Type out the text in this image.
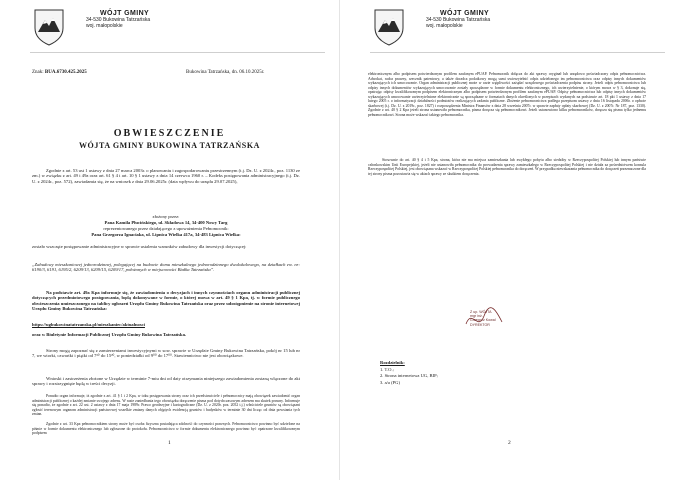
WÓJT GMINY
34-530 Bukowina Tatrzańska
woj. małopolskie
Znak: BUA.6730.425.2025	Bukowina Tatrzańska, dn. 06.10.2025r.
OBWIESZCZENIE
WÓJTA GMINY BUKOWINA TATRZAŃSKA

Zgodnie z art. 53 ust 1 ustawy z dnia 27 marca 2003r. o planowaniu i zagospodarowaniu przestrzennym (t.j. Dz. U. z 2024r., poz. 1130 ze zm.) w związku z art. 49 i 49a oraz art. 61 § 4 i art. 10 § 1 ustawy z dnia 14 czerwca 1960 r. – Kodeks postępowania administracyjnego (t.j. Dz. U. z 2024r., poz. 572), zawiadamia się, że na wniosek z dnia 29.06.2025r. (data wpływu do urzędu 29.07.2025),

złożony przez:

Pana Kamila Płucińskiego, ul. Składowa 14, 34-400 Nowy Targ

reprezentowanego przez działającego z upoważnienia Pełnomocnik:

Pana Grzegorza Ignaciaka, ul. Lipnica Wielka 417a, 34-483 Lipnica Wielka:

zostało wszczęte postępowanie administracyjne w sprawie ustalenia warunków zabudowy dla inwestycji dotyczącej:

„Zabudowy mieszkaniowej jednorodzinnej, polegającej na budowie domu mieszkalnego jednorodzinnego dwulokalowego, na działkach ew. nr: 6190/3, 6191, 6195/2, 6209/13, 6209/15, 6209/17, położonych w miejscowości Białka Tatrzańska”.

Na podstawie art. 49a Kpa informuje się, że zawiadomienia o decyzjach i innych czynnościach organu administracji publicznej dotyczących przedmiotowego postępowania, będą dokonywane w formie, o której mowa w art. 49 § 1 Kpa, tj. w formie publicznego obwieszczenia umieszczonego na tablicy ogłoszeń Urzędu Gminy Bukowina Tatrzańska oraz przez udostępnienie na stronie internetowej Urzędu Gminy Bukowina Tatrzańska:

https://ugbukowinatatrzanska.pl/mieszkaniec/aktualnosci

oraz w Biuletynie Informacji Publicznej Urzędu Gminy Bukowina Tatrzańska.

Strony mogą zapoznać się z zamierzeniami inwestycyjnymi w sow. sprawie w Urzędzie Gminy Bukowina Tatrzańska, pokój nr 15 lub nr 7, we wtorki, czwartki i piątki od 7³⁰ do 15³⁰, w poniedziałki od 9⁰⁰ do 17⁰⁰. Stawiennictwo nie jest obowiązkowe.

Wnioski i zastrzeżenia złożone w Urzędzie w terminie 7-miu dni od daty otrzymania niniejszego zawiadomienia zostaną włączone do akt sprawy i rozstrzygnięte będą w treści decyzji.

Ponadto organ informuje, iż zgodnie z art. 41 § 1 i 2 Kpa, w toku postępowania strony oraz ich przedstawiciele i pełnomocnicy mają obowiązek zawiadomić organ administracji publicznej o każdej zmianie swojego adresu. W razie zaniedbania tego obowiązku doręczenie pisma pod dotychczasowym adresem ma skutek prawny. Informuje się ponadto, że zgodnie z art. 22 ust. 2 ustawy z dnia 17 maja 1989r. Prawo geodezyjne i kartograficzne (Dz. U. z 2020r. poz. 2052 t.j.) właściciele gruntów są obowiązani zgłosić terenowym organom administracji państwowej wszelkie zmiany danych objętych ewidencją gruntów i budynków w terminie 30 dni licząc od dnia powstania tych zmian.

Zgodnie z art. 33 Kpa pełnomocnikiem strony może być osoba fizyczna posiadająca zdolność do czynności prawnych. Pełnomocnictwo powinno być udzielone na piśmie w formie dokumentu elektronicznego lub zgłoszone do protokołu. Pełnomocnictwo w formie dokumentu elektronicznego powinno być opatrzone kwalifikowanym podpisem

1
WÓJT GMINY
34-530 Bukowina Tatrzańska
woj. małopolskie

elektronicznym albo podpisem potwierdzonym profilem zaufanym ePUAP. Pełnomocnik dołącza do akt sprawy oryginał lub urzędowo poświadczony odpis pełnomocnictwa. Adwokat, radca prawny, rzecznik patentowy, a także doradca podatkowy mogą sami uwierzytelnić odpis udzielonego im pełnomocnictwa oraz odpisy innych dokumentów wykazujących ich umocowanie. Organ administracji publicznej może w razie wątpliwości zażądać urzędowego poświadczenia podpisu strony. Jeżeli odpis pełnomocnictwa lub odpisy innych dokumentów wykazujących umocowanie zostały sporządzone w formie dokumentu elektronicznego, ich uwierzytelnienie, o którym mowa w § 3, dokonuje się, opatrując odpisy kwalifikowanym podpisem elektronicznym albo podpisem potwierdzonym profilem zaufanym ePUAP. Odpisy pełnomocnictwa lub odpisy innych dokumentów wykazujących umocowanie uwierzytelnione elektronicznie są sporządzane w formatach danych określonych w przepisach wydanych na podstawie art. 18 pkt 1 ustawy z dnia 17 lutego 2005 r. o informatyzacji działalności podmiotów realizujących zadania publiczne. Złożenie pełnomocnictwa podlega przepisom ustawy z dnia 16 listopada 2006r. o opłacie skarbowej (t.j. Dz. U. z 2019r., poz. 1827) i rozporządzenia Ministra Finansów z dnia 28 września 2007r. w sprawie zapłaty opłaty skarbowej (Dz. U. z 2007r. Nr 187, poz. 1330). Zgodnie z art. 40 § 2 Kpa jeżeli strona ustanowiła pełnomocnika, pisma doręcza się pełnomocnikowi. Jeżeli ustanowiono kilku pełnomocników, doręcza się pisma tylko jednemu pełnomocnikowi. Strona może wskazać takiego pełnomocnika.

Stosownie do art. 40 § 4 i 5 Kpa, strona, która nie ma miejsca zamieszkania lub zwykłego pobytu albo siedziby w Rzeczypospolitej Polskiej lub innym państwie członkowskim Unii Europejskiej, jeżeli nie ustanowiła pełnomocnika do prowadzenia sprawy zamieszkałego w Rzeczypospolitej Polskiej i nie działa za pośrednictwem konsula Rzeczypospolitej Polskiej, jest obowiązana wskazać w Rzeczypospolitej Polskiej pełnomocnika do doręczeń. W przypadku niewskazania pełnomocnika do doręczeń przeznaczone dla tej strony pisma pozostawia się w aktach sprawy ze skutkiem doręczenia.

Z up. WÓJTA
mgr inż.
Grzegorz Kowal
DYREKTOR
Rozdzielnik:
1. T.O.;
2. Strona internetowa UG, BIP;
3. a/a (PG)
2
